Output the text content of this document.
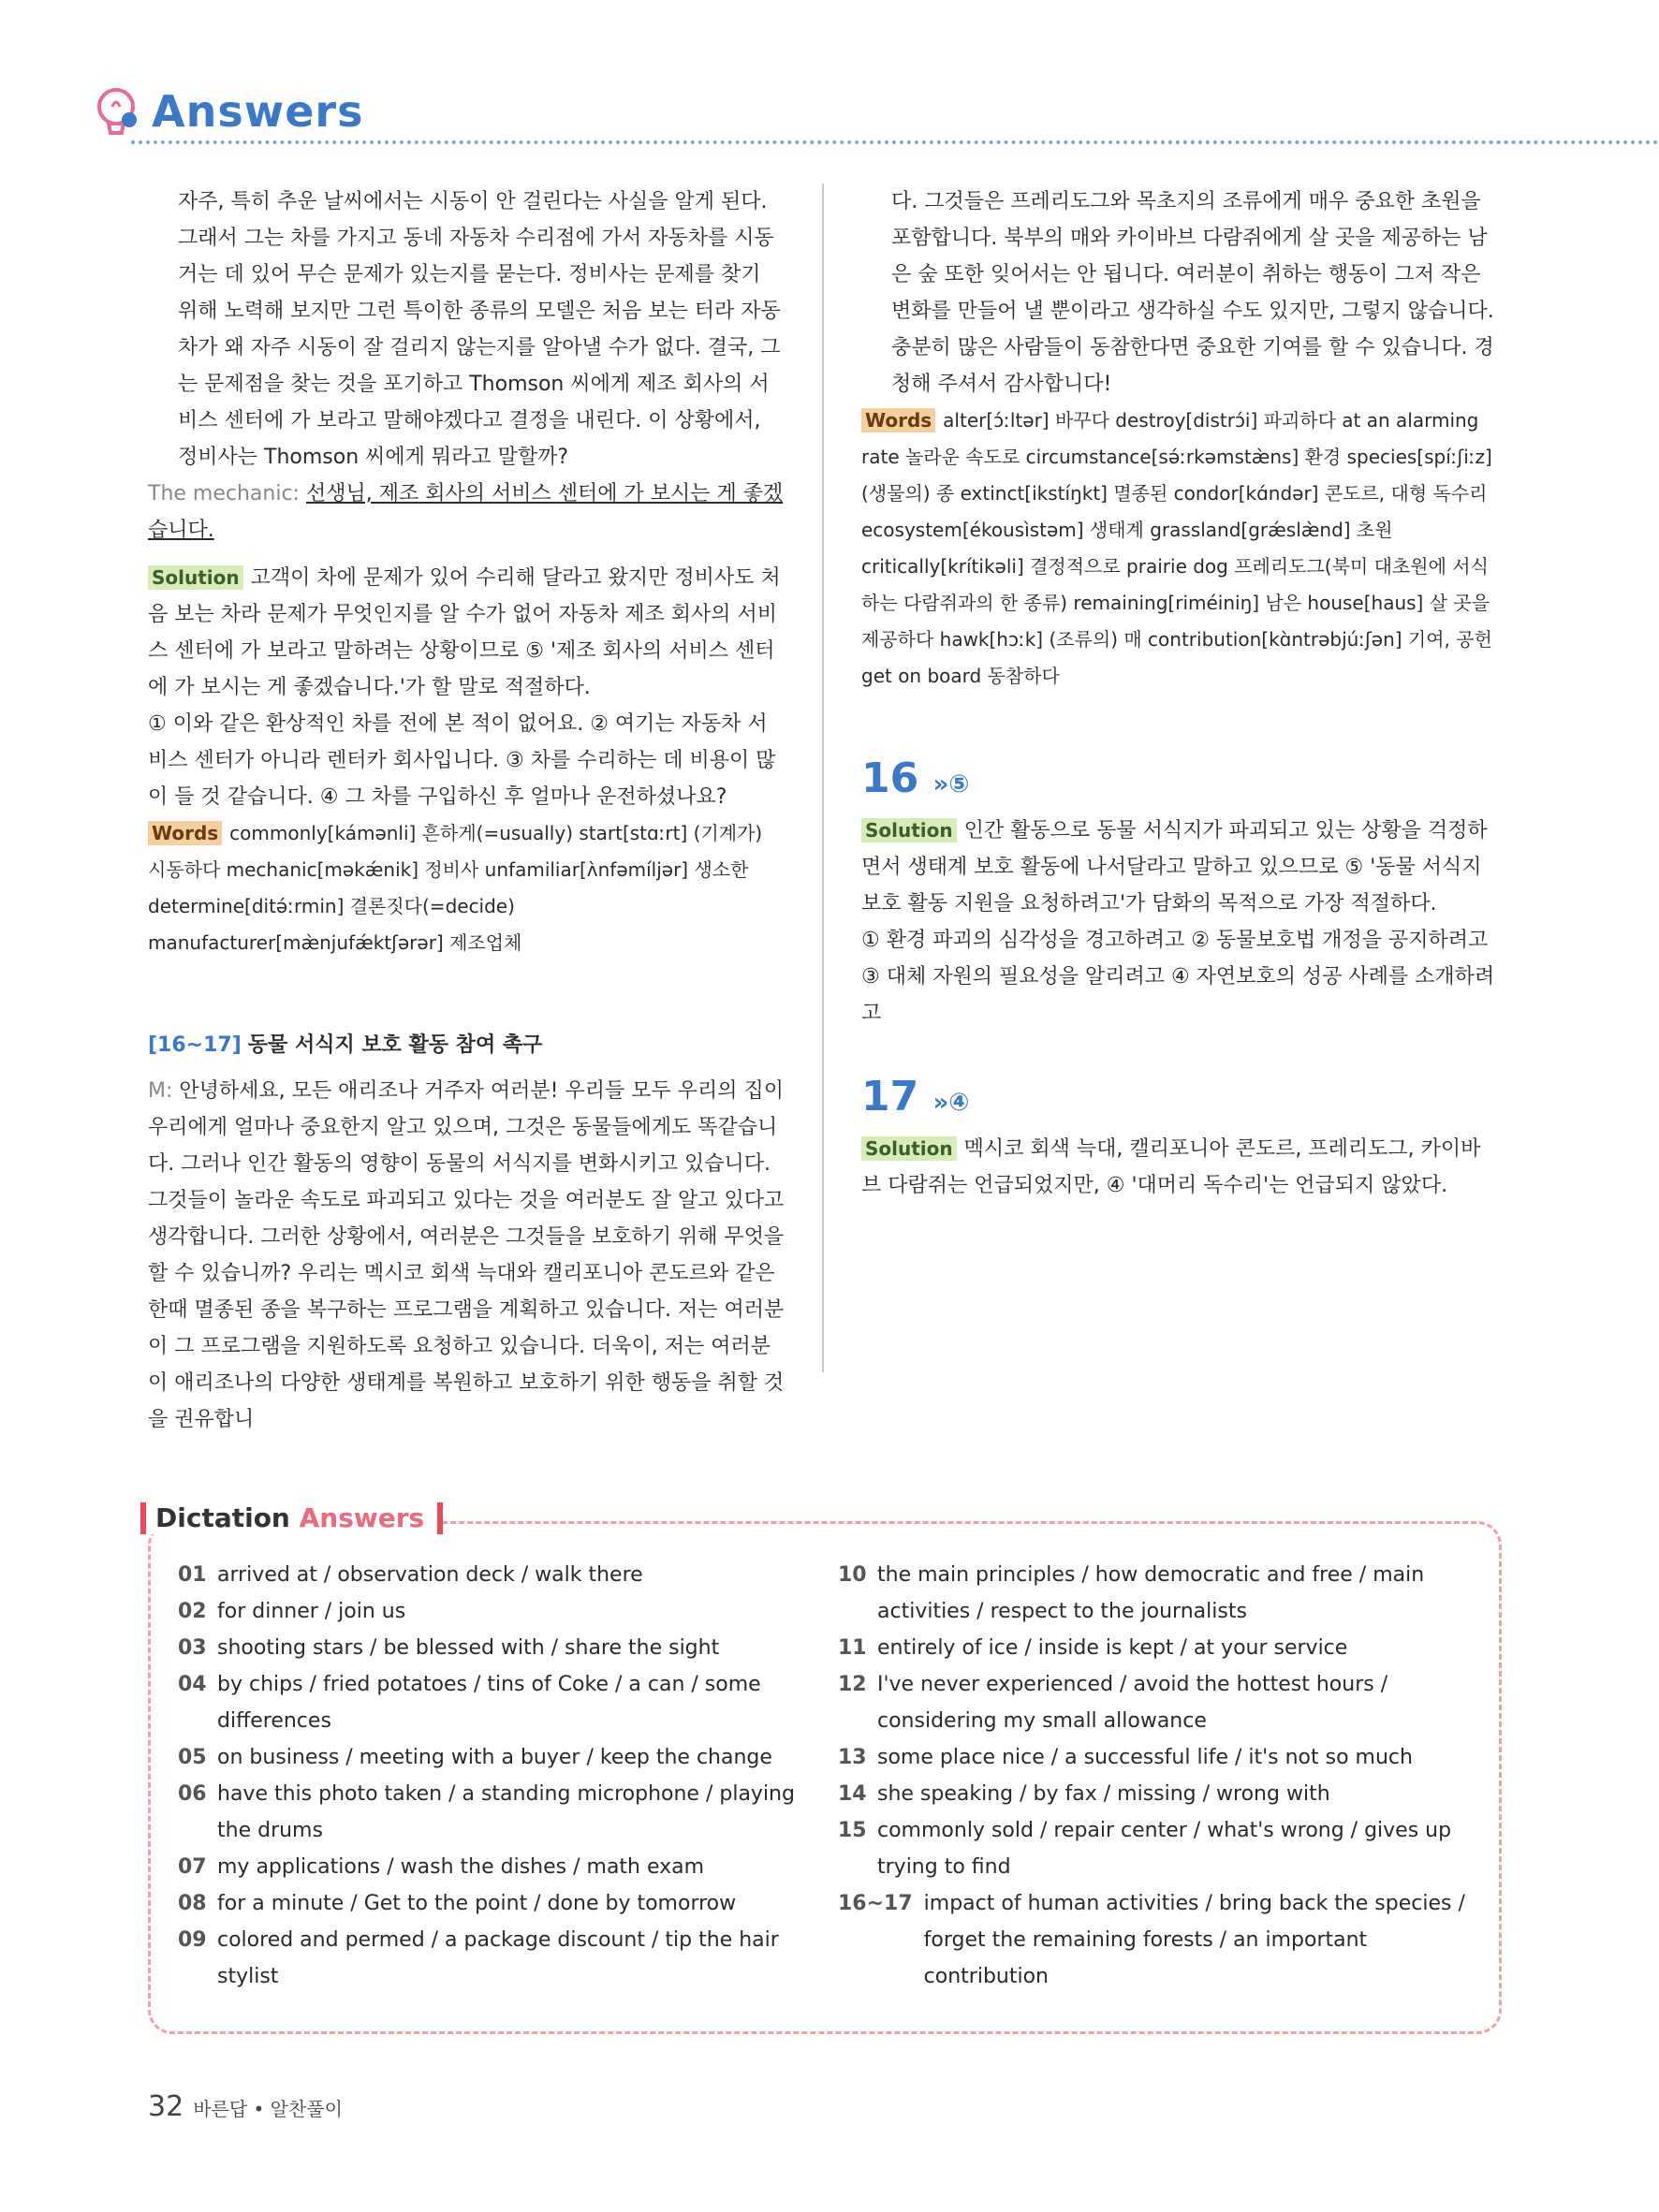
Answers

자주, 특히 추운 날씨에서는 시동이 안 걸린다는 사실을 알게 된다. 그래서 그는 차를 가지고 동네 자동차 수리점에 가서 자동차를 시동 거는 데 있어 무슨 문제가 있는지를 묻는다. 정비사는 문제를 찾기 위해 노력해 보지만 그런 특이한 종류의 모델은 처음 보는 터라 자동차가 왜 자주 시동이 잘 걸리지 않는지를 알아낼 수가 없다. 결국, 그는 문제점을 찾는 것을 포기하고 Thomson 씨에게 제조 회사의 서비스 센터에 가 보라고 말해야겠다고 결정을 내린다. 이 상황에서, 정비사는 Thomson 씨에게 뭐라고 말할까?

The mechanic: 선생님, 제조 회사의 서비스 센터에 가 보시는 게 좋겠습니다.

Solution 고객이 차에 문제가 있어 수리해 달라고 왔지만 정비사도 처음 보는 차라 문제가 무엇인지를 알 수가 없어 자동차 제조 회사의 서비스 센터에 가 보라고 말하려는 상황이므로 ⑤ '제조 회사의 서비스 센터에 가 보시는 게 좋겠습니다.'가 할 말로 적절하다.

① 이와 같은 환상적인 차를 전에 본 적이 없어요. ② 여기는 자동차 서비스 센터가 아니라 렌터카 회사입니다. ③ 차를 수리하는 데 비용이 많이 들 것 같습니다. ④ 그 차를 구입하신 후 얼마나 운전하셨나요?

Words commonly[kámənli] 흔하게(=usually) start[stɑːrt] (기계가) 시동하다 mechanic[məkǽnik] 정비사 unfamiliar[ʌ̀nfəmíljər] 생소한 determine[ditə́ːrmin] 결론짓다(=decide) manufacturer[mæ̀njufǽktʃərər] 제조업체

[16~17] 동물 서식지 보호 활동 참여 촉구

M: 안녕하세요, 모든 애리조나 거주자 여러분! 우리들 모두 우리의 집이 우리에게 얼마나 중요한지 알고 있으며, 그것은 동물들에게도 똑같습니다. 그러나 인간 활동의 영향이 동물의 서식지를 변화시키고 있습니다. 그것들이 놀라운 속도로 파괴되고 있다는 것을 여러분도 잘 알고 있다고 생각합니다. 그러한 상황에서, 여러분은 그것들을 보호하기 위해 무엇을 할 수 있습니까? 우리는 멕시코 회색 늑대와 캘리포니아 콘도르와 같은 한때 멸종된 종을 복구하는 프로그램을 계획하고 있습니다. 저는 여러분이 그 프로그램을 지원하도록 요청하고 있습니다. 더욱이, 저는 여러분이 애리조나의 다양한 생태계를 복원하고 보호하기 위한 행동을 취할 것을 권유합니

다. 그것들은 프레리도그와 목초지의 조류에게 매우 중요한 초원을 포함합니다. 북부의 매와 카이바브 다람쥐에게 살 곳을 제공하는 남은 숲 또한 잊어서는 안 됩니다. 여러분이 취하는 행동이 그저 작은 변화를 만들어 낼 뿐이라고 생각하실 수도 있지만, 그렇지 않습니다. 충분히 많은 사람들이 동참한다면 중요한 기여를 할 수 있습니다. 경청해 주셔서 감사합니다!

Words alter[ɔ́ːltər] 바꾸다 destroy[distrɔ́i] 파괴하다 at an alarming rate 놀라운 속도로 circumstance[sə́ːrkəmstæ̀ns] 환경 species[spíːʃiːz] (생물의) 종 extinct[ikstíŋkt] 멸종된 condor[kɑ́ndər] 콘도르, 대형 독수리 ecosystem[ékousìstəm] 생태계 grassland[grǽslæ̀nd] 초원 critically[krítikəli] 결정적으로 prairie dog 프레리도그(북미 대초원에 서식하는 다람쥐과의 한 종류) remaining[riméiniŋ] 남은 house[haus] 살 곳을 제공하다 hawk[hɔːk] (조류의) 매 contribution[kɑ̀ntrəbjúːʃən] 기여, 공헌 get on board 동참하다

16 »⑤

Solution 인간 활동으로 동물 서식지가 파괴되고 있는 상황을 걱정하면서 생태계 보호 활동에 나서달라고 말하고 있으므로 ⑤ '동물 서식지 보호 활동 지원을 요청하려고'가 담화의 목적으로 가장 적절하다.

① 환경 파괴의 심각성을 경고하려고 ② 동물보호법 개정을 공지하려고 ③ 대체 자원의 필요성을 알리려고 ④ 자연보호의 성공 사례를 소개하려고

17 »④

Solution 멕시코 회색 늑대, 캘리포니아 콘도르, 프레리도그, 카이바브 다람쥐는 언급되었지만, ④ '대머리 독수리'는 언급되지 않았다.

Dictation Answers
01 arrived at / observation deck / walk there
02 for dinner / join us
03 shooting stars / be blessed with / share the sight
04 by chips / fried potatoes / tins of Coke / a can / some differences
05 on business / meeting with a buyer / keep the change
06 have this photo taken / a standing microphone / playing the drums
07 my applications / wash the dishes / math exam
08 for a minute / Get to the point / done by tomorrow
09 colored and permed / a package discount / tip the hair stylist
10 the main principles / how democratic and free / main activities / respect to the journalists
11 entirely of ice / inside is kept / at your service
12 I've never experienced / avoid the hottest hours / considering my small allowance
13 some place nice / a successful life / it's not so much
14 she speaking / by fax / missing / wrong with
15 commonly sold / repair center / what's wrong / gives up trying to find
16~17 impact of human activities / bring back the species / forget the remaining forests / an important contribution
32 바른답 • 알찬풀이
